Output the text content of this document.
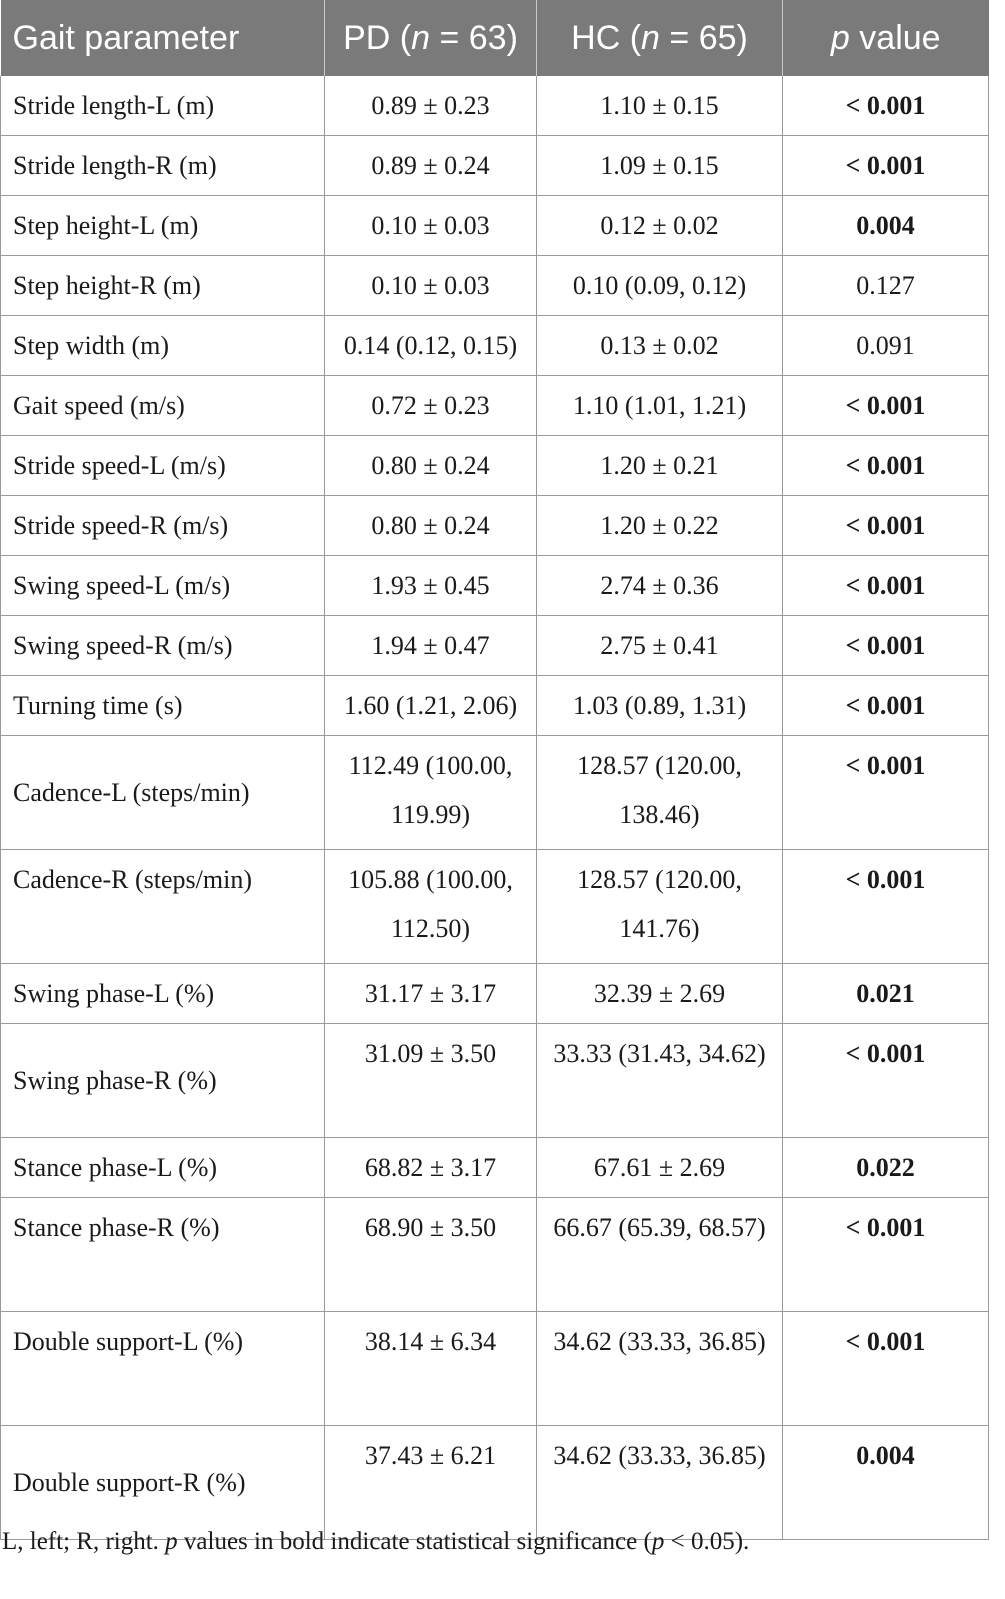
Gait parameter	PD (n = 63)	HC (n = 65)	p value
Stride length-L (m)	0.89 ± 0.23	1.10 ± 0.15	< 0.001
Stride length-R (m)	0.89 ± 0.24	1.09 ± 0.15	< 0.001
Step height-L (m)	0.10 ± 0.03	0.12 ± 0.02	0.004
Step height-R (m)	0.10 ± 0.03	0.10 (0.09, 0.12)	0.127
Step width (m)	0.14 (0.12, 0.15)	0.13 ± 0.02	0.091
Gait speed (m/s)	0.72 ± 0.23	1.10 (1.01, 1.21)	< 0.001
Stride speed-L (m/s)	0.80 ± 0.24	1.20 ± 0.21	< 0.001
Stride speed-R (m/s)	0.80 ± 0.24	1.20 ± 0.22	< 0.001
Swing speed-L (m/s)	1.93 ± 0.45	2.74 ± 0.36	< 0.001
Swing speed-R (m/s)	1.94 ± 0.47	2.75 ± 0.41	< 0.001
Turning time (s)	1.60 (1.21, 2.06)	1.03 (0.89, 1.31)	< 0.001
Cadence-L (steps/min)	112.49 (100.00, 119.99)	128.57 (120.00, 138.46)	< 0.001
Cadence-R (steps/min)	105.88 (100.00, 112.50)	128.57 (120.00, 141.76)	< 0.001
Swing phase-L (%)	31.17 ± 3.17	32.39 ± 2.69	0.021
Swing phase-R (%)	31.09 ± 3.50	33.33 (31.43, 34.62)	< 0.001
Stance phase-L (%)	68.82 ± 3.17	67.61 ± 2.69	0.022
Stance phase-R (%)	68.90 ± 3.50	66.67 (65.39, 68.57)	< 0.001
Double support-L (%)	38.14 ± 6.34	34.62 (33.33, 36.85)	< 0.001
Double support-R (%)	37.43 ± 6.21	34.62 (33.33, 36.85)	0.004
L, left; R, right. p values in bold indicate statistical significance (p < 0.05).
